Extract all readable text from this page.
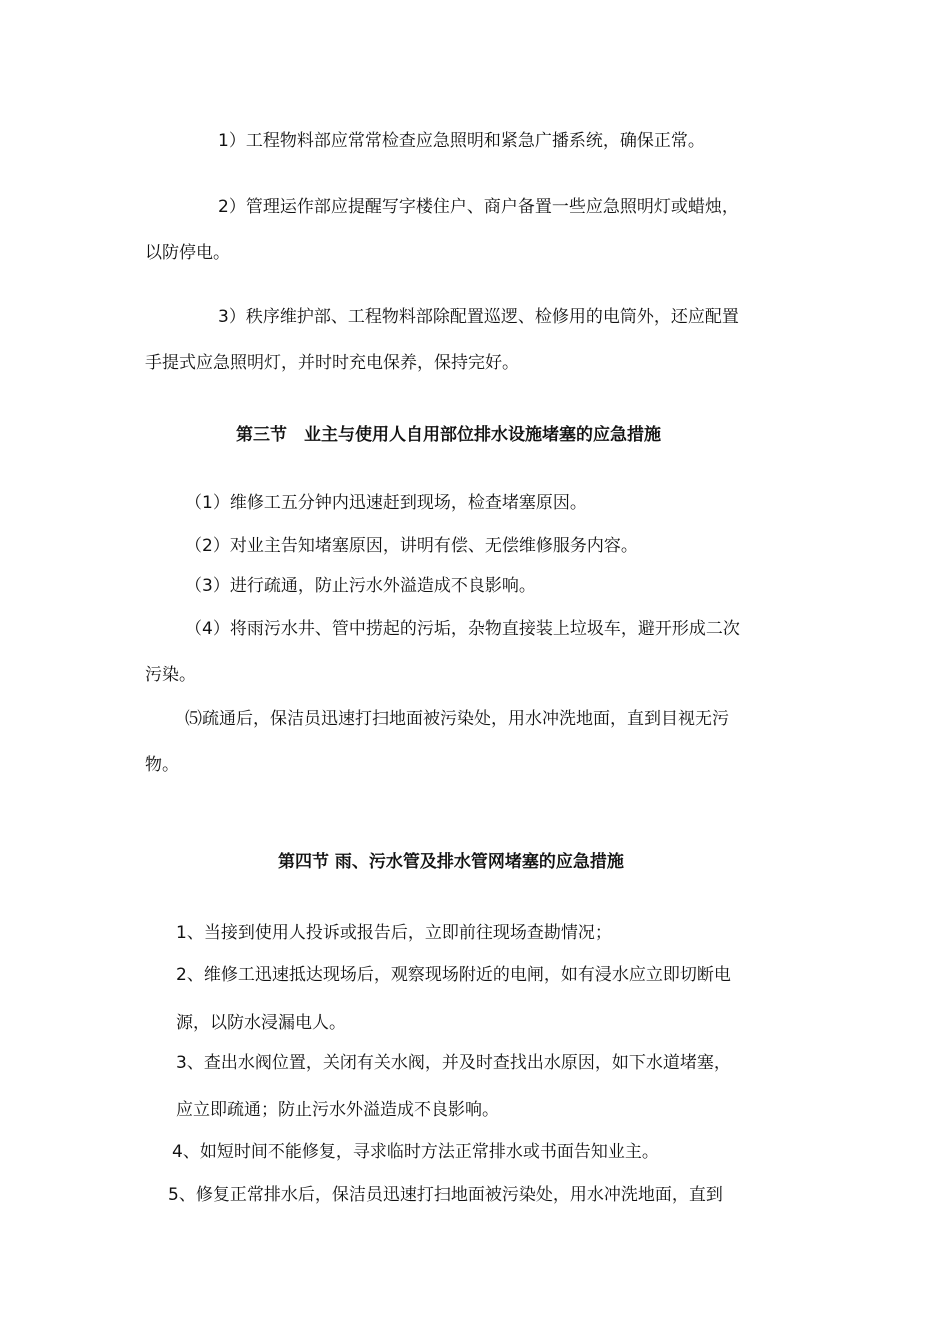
1）工程物料部应常常检查应急照明和紧急广播系统，确保正常。
2）管理运作部应提醒写字楼住户、商户备置一些应急照明灯或蜡烛，
以防停电。
3）秩序维护部、工程物料部除配置巡逻、检修用的电筒外，还应配置
手提式应急照明灯，并时时充电保养，保持完好。
第三节　业主与使用人自用部位排水设施堵塞的应急措施
（1）维修工五分钟内迅速赶到现场，检查堵塞原因。
（2）对业主告知堵塞原因，讲明有偿、无偿维修服务内容。
（3）进行疏通，防止污水外溢造成不良影响。
（4）将雨污水井、管中捞起的污垢，杂物直接装上垃圾车，避开形成二次
污染。
⑸疏通后，保洁员迅速打扫地面被污染处，用水冲洗地面，直到目视无污
物。
第四节 雨、污水管及排水管网堵塞的应急措施
1、当接到使用人投诉或报告后，立即前往现场查勘情况；
2、维修工迅速抵达现场后，观察现场附近的电闸，如有浸水应立即切断电
源，以防水浸漏电人。
3、查出水阀位置，关闭有关水阀，并及时查找出水原因，如下水道堵塞，
应立即疏通；防止污水外溢造成不良影响。
4、如短时间不能修复，寻求临时方法正常排水或书面告知业主。
5、修复正常排水后，保洁员迅速打扫地面被污染处，用水冲洗地面，直到
